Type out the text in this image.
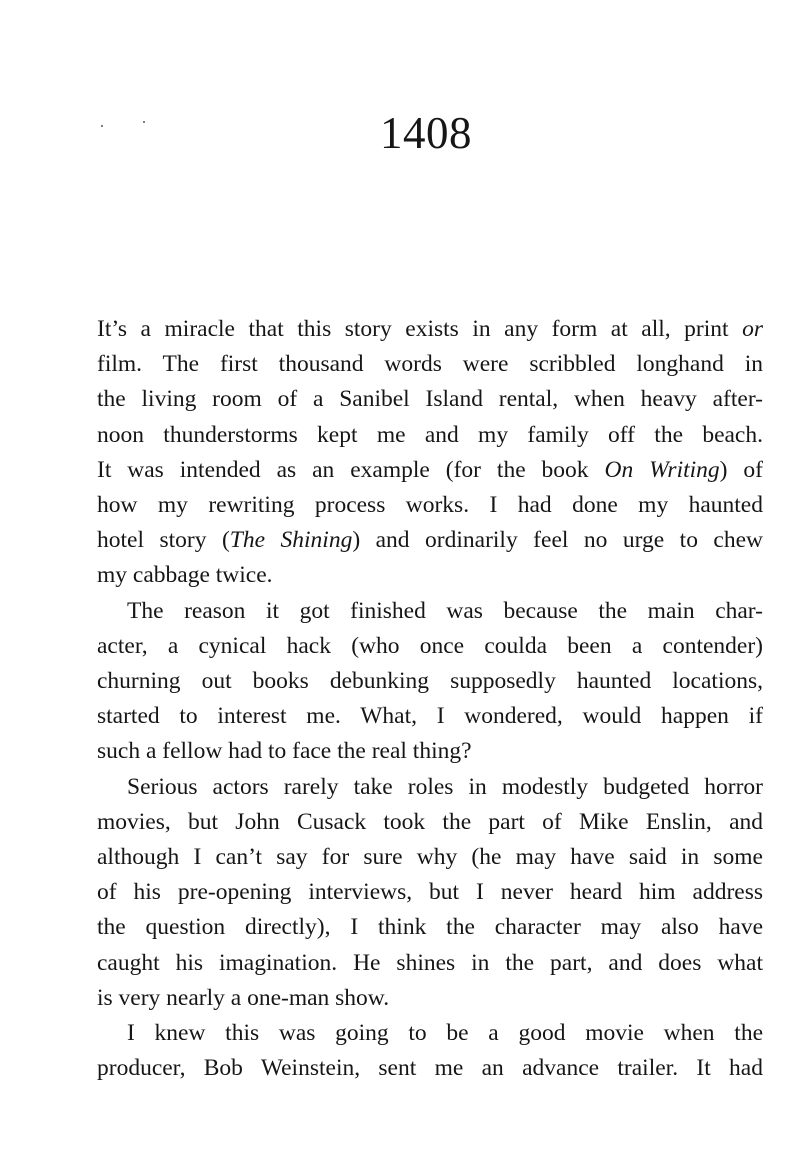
1408

It’s a miracle that this story exists in any form at all, print or
film. The first thousand words were scribbled longhand in
the living room of a Sanibel Island rental, when heavy after-
noon thunderstorms kept me and my family off the beach.
It was intended as an example (for the book On Writing) of
how my rewriting process works. I had done my haunted
hotel story (The Shining) and ordinarily feel no urge to chew
my cabbage twice.

The reason it got finished was because the main char-
acter, a cynical hack (who once coulda been a contender)
churning out books debunking supposedly haunted locations,
started to interest me. What, I wondered, would happen if
such a fellow had to face the real thing?

Serious actors rarely take roles in modestly budgeted horror
movies, but John Cusack took the part of Mike Enslin, and
although I can’t say for sure why (he may have said in some
of his pre-opening interviews, but I never heard him address
the question directly), I think the character may also have
caught his imagination. He shines in the part, and does what
is very nearly a one-man show.

I knew this was going to be a good movie when the
producer, Bob Weinstein, sent me an advance trailer. It had
